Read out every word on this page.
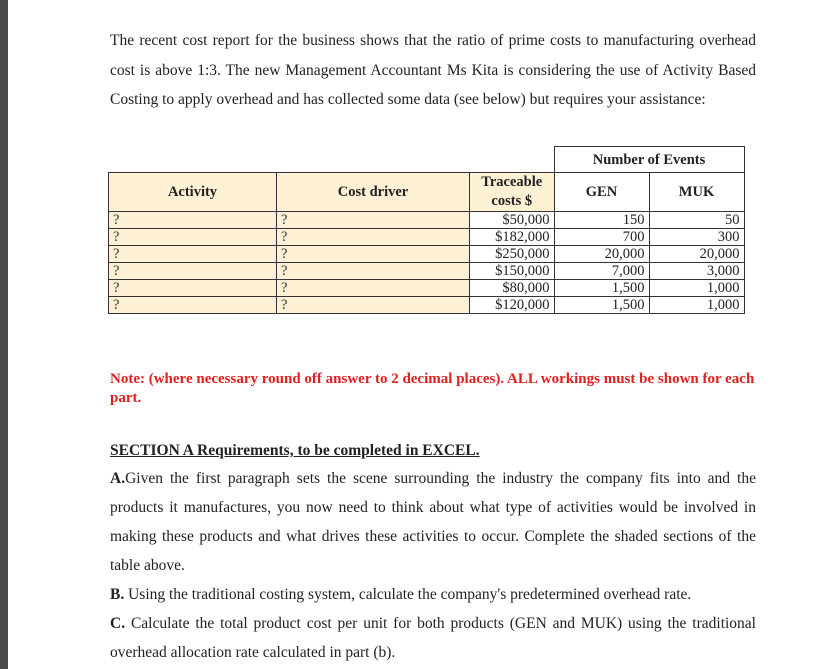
The recent cost report for the business shows that the ratio of prime costs to manufacturing overhead cost is above 1:3. The new Management Accountant Ms Kita is considering the use of Activity Based Costing to apply overhead and has collected some data (see below) but requires your assistance:
			Number of Events	
Activity	Cost driver	Traceable costs $	GEN	MUK
?	?	$50,000	150	50
?	?	$182,000	700	300
?	?	$250,000	20,000	20,000
?	?	$150,000	7,000	3,000
?	?	$80,000	1,500	1,000
?	?	$120,000	1,500	1,000
Note: (where necessary round off answer to 2 decimal places). ALL workings must be shown for each part.
SECTION A Requirements, to be completed in EXCEL.

A.Given the first paragraph sets the scene surrounding the industry the company fits into and the products it manufactures, you now need to think about what type of activities would be involved in making these products and what drives these activities to occur. Complete the shaded sections of the table above.

B. Using the traditional costing system, calculate the company's predetermined overhead rate.

C. Calculate the total product cost per unit for both products (GEN and MUK) using the traditional overhead allocation rate calculated in part (b).
